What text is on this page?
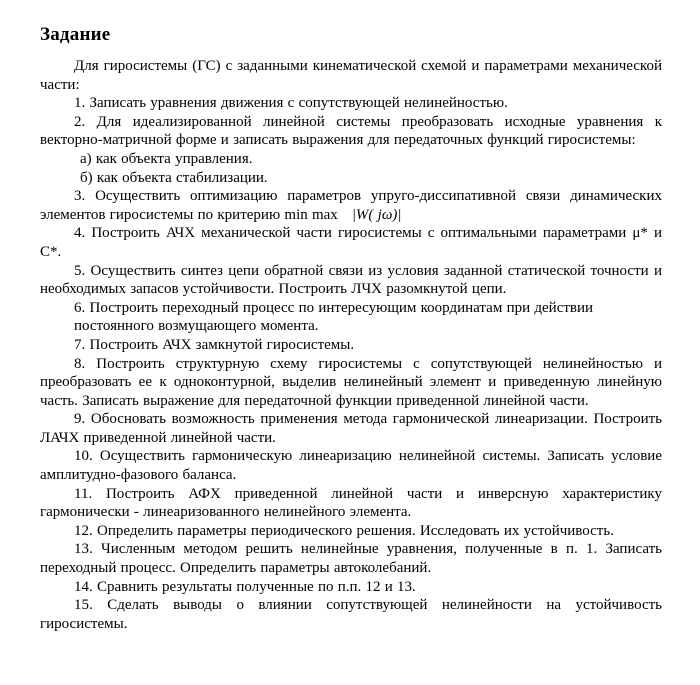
Задание

Для гиросистемы (ГС) с заданными кинематической схемой и параметрами механической части:

1. Записать уравнения движения с сопутствующей нелинейностью.

2. Для идеализированной линейной системы преобразовать исходные уравнения к векторно-матричной форме и записать выражения для передаточных функций гиросистемы:

а) как объекта управления.

б) как объекта стабилизации.

3. Осуществить оптимизацию параметров упруго-диссипативной связи динамических элементов гиросистемы по критерию min max |W( jω)|

4. Построить АЧХ механической части гиросистемы с оптимальными параметрами μ* и C*.

5. Осуществить синтез цепи обратной связи из условия заданной статической точности и необходимых запасов устойчивости. Построить ЛЧХ разомкнутой цепи.

6. Построить переходный процесс по интересующим координатам при действии

постоянного возмущающего момента.

7. Построить АЧХ замкнутой гиросистемы.

8. Построить структурную схему гиросистемы с сопутствующей нелинейностью и преобразовать ее к одноконтурной, выделив нелинейный элемент и приведенную линейную часть. Записать выражение для передаточной функции приведенной линейной части.

9. Обосновать возможность применения метода гармонической линеаризации. Построить ЛАЧХ приведенной линейной части.

10. Осуществить гармоническую линеаризацию нелинейной системы. Записать условие амплитудно-фазового баланса.

11. Построить АФХ приведенной линейной части и инверсную характеристику гармонически - линеаризованного нелинейного элемента.

12. Определить параметры периодического решения. Исследовать их устойчивость.

13. Численным методом решить нелинейные уравнения, полученные в п. 1. Записать переходный процесс. Определить параметры автоколебаний.

14. Сравнить результаты полученные по п.п. 12 и 13.

15. Сделать выводы о влиянии сопутствующей нелинейности на устойчивость гиросистемы.
